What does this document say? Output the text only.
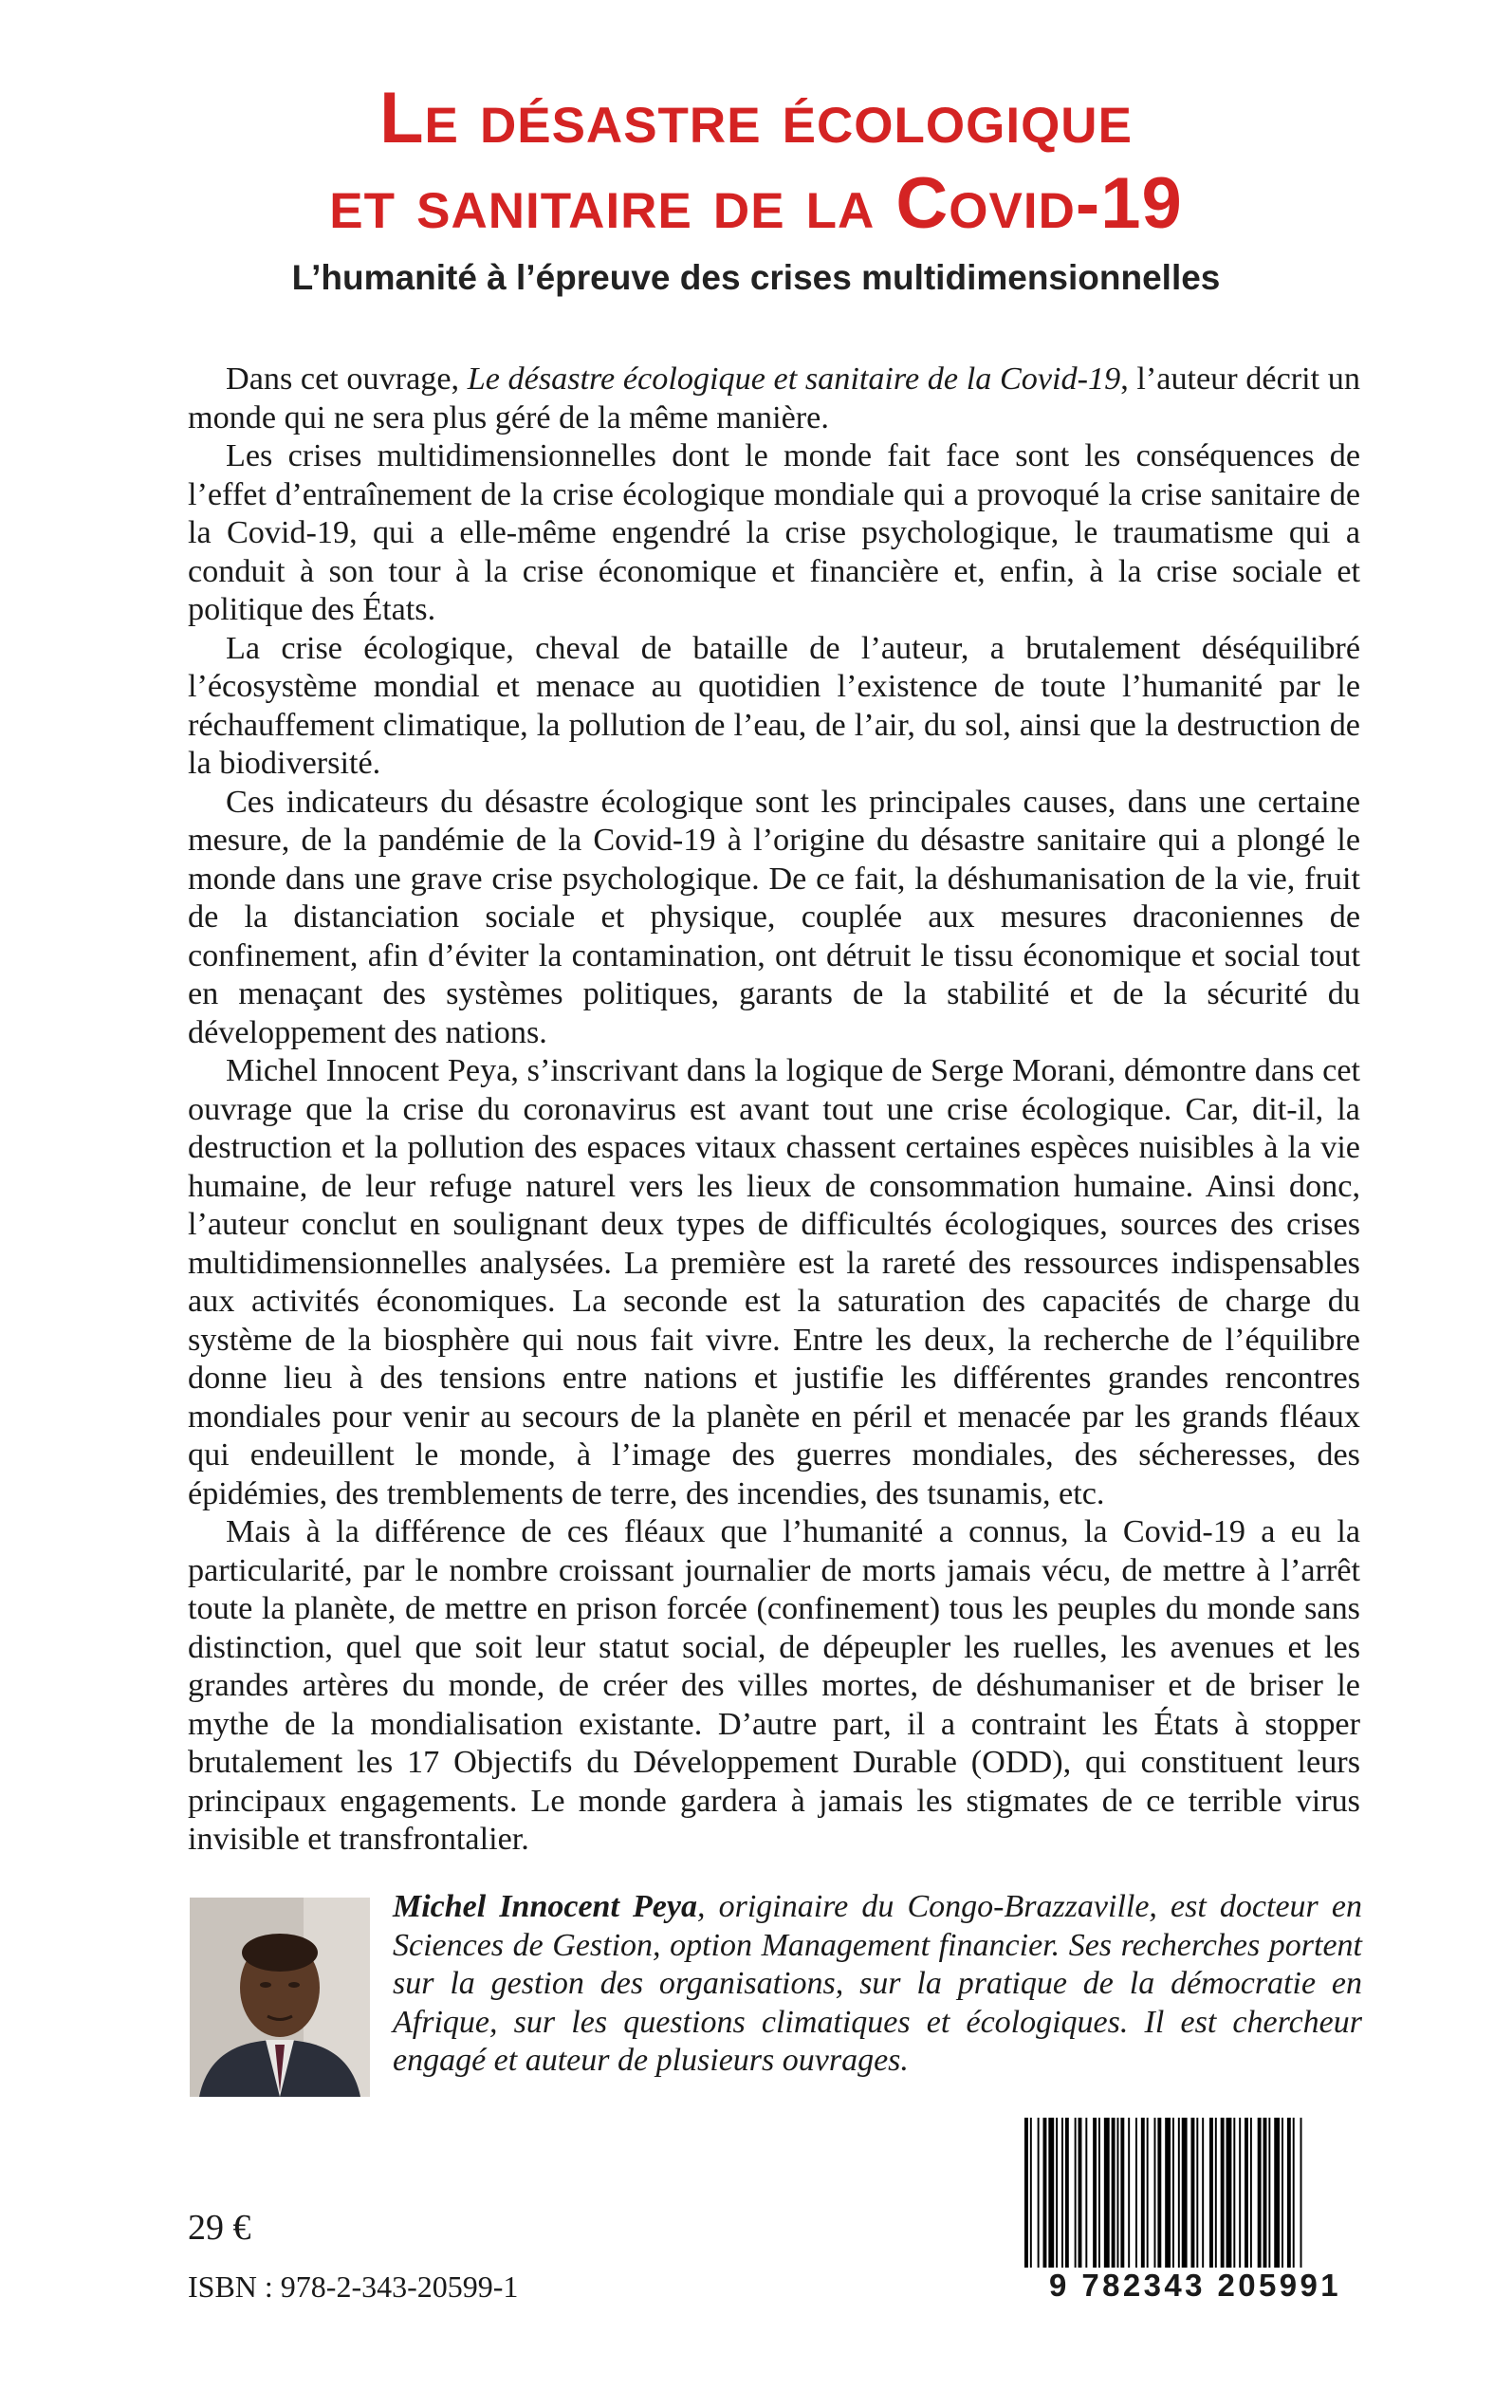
Le désastre écologique
et sanitaire de la Covid-19
L’humanité à l’épreuve des crises multidimensionnelles

Dans cet ouvrage, Le désastre écologique et sanitaire de la Covid-19, l’auteur décrit un monde qui ne sera plus géré de la même manière.

Les crises multidimensionnelles dont le monde fait face sont les conséquences de l’effet d’entraînement de la crise écologique mondiale qui a provoqué la crise sanitaire de la Covid-19, qui a elle-même engendré la crise psychologique, le traumatisme qui a conduit à son tour à la crise économique et financière et, enfin, à la crise sociale et politique des États.

La crise écologique, cheval de bataille de l’auteur, a brutalement déséquilibré l’écosystème mondial et menace au quotidien l’existence de toute l’humanité par le réchauffement climatique, la pollution de l’eau, de l’air, du sol, ainsi que la destruction de la biodiversité.

Ces indicateurs du désastre écologique sont les principales causes, dans une certaine mesure, de la pandémie de la Covid-19 à l’origine du désastre sanitaire qui a plongé le monde dans une grave crise psychologique. De ce fait, la déshumanisation de la vie, fruit de la distanciation sociale et physique, couplée aux mesures draconiennes de confinement, afin d’éviter la contamination, ont détruit le tissu économique et social tout en menaçant des systèmes politiques, garants de la stabilité et de la sécurité du développement des nations.

Michel Innocent Peya, s’inscrivant dans la logique de Serge Morani, démontre dans cet ouvrage que la crise du coronavirus est avant tout une crise écologique. Car, dit-il, la destruction et la pollution des espaces vitaux chassent certaines espèces nuisibles à la vie humaine, de leur refuge naturel vers les lieux de consommation humaine. Ainsi donc, l’auteur conclut en soulignant deux types de difficultés écologiques, sources des crises multidimensionnelles analysées. La première est la rareté des ressources indispensables aux activités économiques. La seconde est la saturation des capacités de charge du système de la biosphère qui nous fait vivre. Entre les deux, la recherche de l’équilibre donne lieu à des tensions entre nations et justifie les différentes grandes rencontres mondiales pour venir au secours de la planète en péril et menacée par les grands fléaux qui endeuillent le monde, à l’image des guerres mondiales, des sécheresses, des épidémies, des tremblements de terre, des incendies, des tsunamis, etc.

Mais à la différence de ces fléaux que l’humanité a connus, la Covid-19 a eu la particularité, par le nombre croissant journalier de morts jamais vécu, de mettre à l’arrêt toute la planète, de mettre en prison forcée (confinement) tous les peuples du monde sans distinction, quel que soit leur statut social, de dépeupler les ruelles, les avenues et les grandes artères du monde, de créer des villes mortes, de déshumaniser et de briser le mythe de la mondialisation existante. D’autre part, il a contraint les États à stopper brutalement les 17 Objectifs du Développement Durable (ODD), qui constituent leurs principaux engagements. Le monde gardera à jamais les stigmates de ce terrible virus invisible et transfrontalier.

Michel Innocent Peya, originaire du Congo-Brazzaville, est docteur en Sciences de Gestion, option Management financier. Ses recherches portent sur la gestion des organisations, sur la pratique de la démocratie en Afrique, sur les questions climatiques et écologiques. Il est chercheur engagé et auteur de plusieurs ouvrages.
29 €
ISBN : 978-2-343-20599-1	9 782343 205991
